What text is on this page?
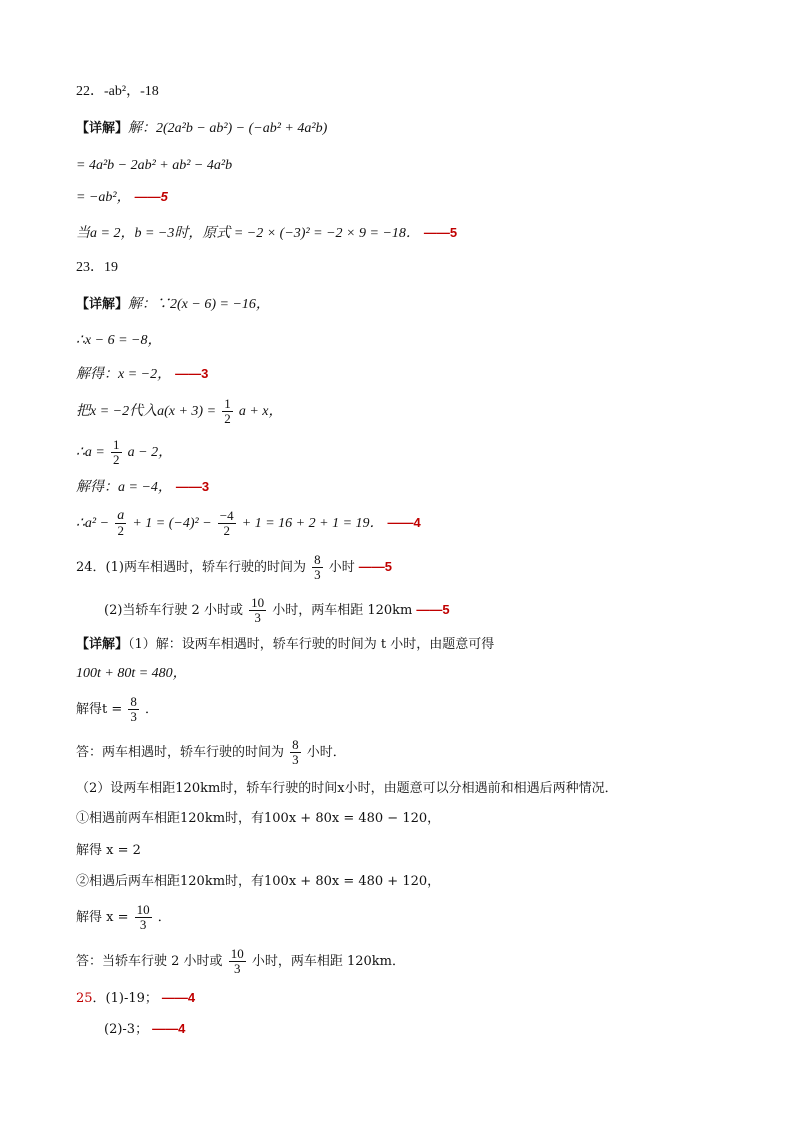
22．-ab²，-18
【详解】解：2(2a²b − ab²) − (−ab² + 4a²b)
= 4a²b − 2ab² + ab² − 4a²b
= −ab²， ——5
当a = 2，b = −3时，原式 = −2 × (−3)² = −2 × 9 = −18． ——5
23．19
【详解】解：∵2(x − 6) = −16，
∴x − 6 = −8，
解得：x = −2， ——3
把x = −2代入$a(x + 3) = \frac{1}{2}$ a + x，
∴a = $\frac{1}{2}$ a − 2，
解得：a = −4， ——3
∴a² − $\frac{a}{2} + 1 = (-4)^2 - \frac{-4}{2} + 1 = 16 + 2 + 1 = 19$． ——4
24．(1)两车相遇时，轿车行驶的时间为 $\frac{8}{3}$ 小时 ——5
(2)当轿车行驶 2 小时或 $\frac{10}{3}$ 小时，两车相距 120km ——5
【详解】（1）解：设两车相遇时，轿车行驶的时间为 t 小时，由题意可得
100t + 80t = 480，
解得$t = \frac{8}{3}$ ．
答：两车相遇时，轿车行驶的时间为 $\frac{8}{3}$ 小时．
（2）设两车相距120km时，轿车行驶的时间x小时，由题意可以分相遇前和相遇后两种情况．
①相遇前两车相距120km时，有100x + 80x = 480 − 120，
解得 x = 2
②相遇后两车相距120km时，有100x + 80x = 480 + 120，
解得 $x = \frac{10}{3}$ ．
答：当轿车行驶 2 小时或 $\frac{10}{3}$ 小时，两车相距 120km．
25．(1)-19； ——4
(2)-3； ——4
